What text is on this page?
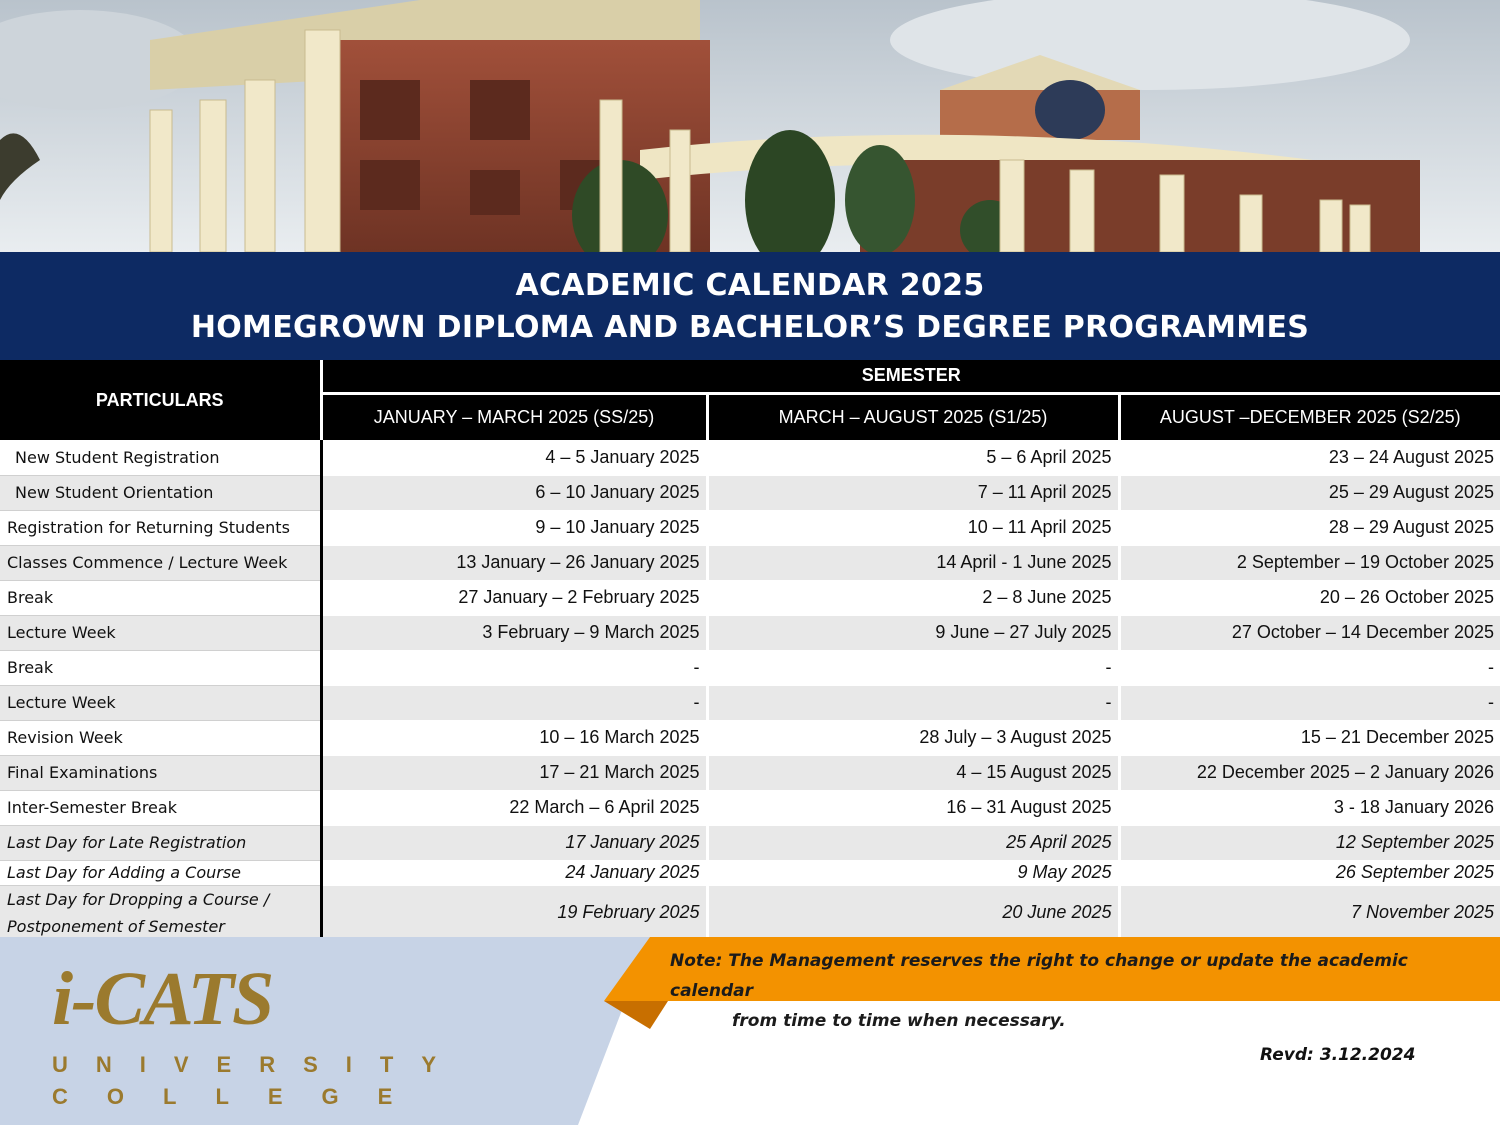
ACADEMIC CALENDAR 2025
HOMEGROWN DIPLOMA AND BACHELOR’S DEGREE PROGRAMMES
PARTICULARS	SEMESTER		
	JANUARY – MARCH 2025 (SS/25)	MARCH – AUGUST 2025 (S1/25)	AUGUST –DECEMBER 2025 (S2/25)
New Student Registration	4 – 5 January 2025	5 – 6 April 2025	23 – 24 August 2025
New Student Orientation	6 – 10 January 2025	7 – 11 April 2025	25 – 29 August 2025
Registration for Returning Students	9 – 10 January 2025	10 – 11 April 2025	28 – 29 August 2025
Classes Commence / Lecture Week	13 January – 26 January 2025	14 April - 1 June 2025	2 September – 19 October 2025
Break	27 January – 2 February 2025	2 – 8 June 2025	20 – 26 October 2025
Lecture Week	3 February – 9 March 2025	9 June – 27 July 2025	27 October – 14 December 2025
Break	-	-	-
Lecture Week	-	-	-
Revision Week	10 – 16 March 2025	28 July – 3 August 2025	15 – 21 December 2025
Final Examinations	17 – 21 March 2025	4 – 15 August 2025	22 December 2025 – 2 January 2026
Inter-Semester Break	22 March – 6 April 2025	16 – 31 August 2025	3 - 18 January 2026
Last Day for Late Registration	17 January 2025	25 April 2025	12 September 2025
Last Day for Adding a Course	24 January 2025	9 May 2025	26 September 2025

Last Day for Dropping a Course /
Postponement of Semester	19 February 2025	20 June 2025	7 November 2025
i-CATS
UNIVERSITY
COLLEGE
Note: The Management reserves the right to change or update the academic calendar
from time to time when necessary.
Revd: 3.12.2024
